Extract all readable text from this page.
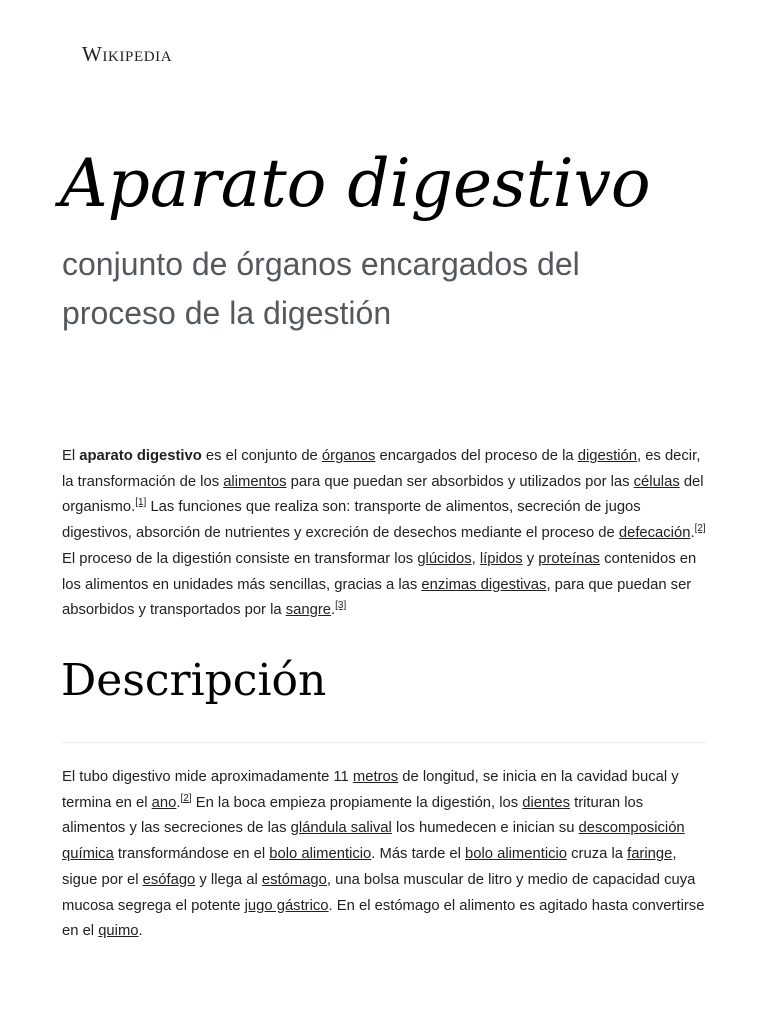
Wikipedia
Aparato digestivo

conjunto de órganos encargados del proceso de la digestión

El aparato digestivo es el conjunto de órganos encargados del proceso de la digestión, es decir, la transformación de los alimentos para que puedan ser absorbidos y utilizados por las células del organismo.[1] Las funciones que realiza son: transporte de alimentos, secreción de jugos digestivos, absorción de nutrientes y excreción de desechos mediante el proceso de defecación.[2] El proceso de la digestión consiste en transformar los glúcidos, lípidos y proteínas contenidos en los alimentos en unidades más sencillas, gracias a las enzimas digestivas, para que puedan ser absorbidos y transportados por la sangre.[3]

Descripción

El tubo digestivo mide aproximadamente 11 metros de longitud, se inicia en la cavidad bucal y termina en el ano.[2] En la boca empieza propiamente la digestión, los dientes trituran los alimentos y las secreciones de las glándula salival los humedecen e inician su descomposición química transformándose en el bolo alimenticio. Más tarde el bolo alimenticio cruza la faringe, sigue por el esófago y llega al estómago, una bolsa muscular de litro y medio de capacidad cuya mucosa segrega el potente jugo gástrico. En el estómago el alimento es agitado hasta convertirse en el quimo.
